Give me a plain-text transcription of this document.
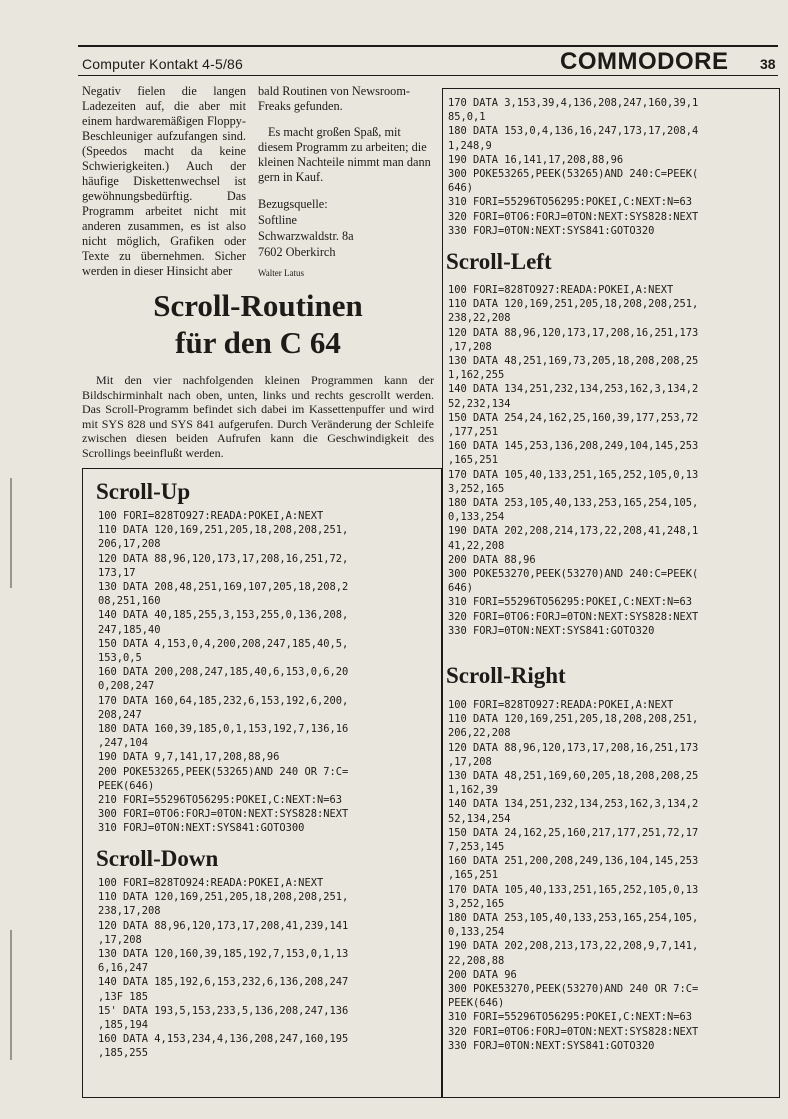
Computer Kontakt 4-5/86	COMMODORE 38

Negativ fielen die langen Ladezeiten auf, die aber mit einem hardwaremäßigen Floppy-Beschleuniger aufzufangen sind. (Speedos macht da keine Schwierigkeiten.) Auch der häufige Diskettenwechsel ist gewöhnungsbedürftig. Das Programm arbeitet nicht mit anderen zusammen, es ist also nicht möglich, Grafiken oder Texte zu übernehmen. Sicher werden in dieser Hinsicht aber

bald Routinen von Newsroom-Freaks gefunden.

Es macht großen Spaß, mit diesem Programm zu arbeiten; die kleinen Nachteile nimmt man dann gern in Kauf.

Bezugsquelle:
Softline
Schwarzwaldstr. 8a
7602 Oberkirch
Walter Latus
Scroll-Routinen
für den C 64

Mit den vier nachfolgenden kleinen Programmen kann der Bildschirminhalt nach oben, unten, links und rechts gescrollt werden. Das Scroll-Programm befindet sich dabei im Kassettenpuffer und wird mit SYS 828 und SYS 841 aufgerufen. Durch Veränderung der Schleife zwischen diesen beiden Aufrufen kann die Geschwindigkeit des Scrollings beeinflußt werden.

Scroll-Up
100 FORI=828TO927:READA:POKEI,A:NEXT
110 DATA 120,169,251,205,18,208,208,251,
206,17,208
120 DATA 88,96,120,173,17,208,16,251,72,
173,17
130 DATA 208,48,251,169,107,205,18,208,2
08,251,160
140 DATA 40,185,255,3,153,255,0,136,208,
247,185,40
150 DATA 4,153,0,4,200,208,247,185,40,5,
153,0,5
160 DATA 200,208,247,185,40,6,153,0,6,20
0,208,247
170 DATA 160,64,185,232,6,153,192,6,200,
208,247
180 DATA 160,39,185,0,1,153,192,7,136,16
,247,104
190 DATA 9,7,141,17,208,88,96
200 POKE53265,PEEK(53265)AND 240 OR 7:C=
PEEK(646)
210 FORI=55296TO56295:POKEI,C:NEXT:N=63
300 FORI=0TO6:FORJ=0TON:NEXT:SYS828:NEXT
310 FORJ=0TON:NEXT:SYS841:GOTO300
Scroll-Down
100 FORI=828TO924:READA:POKEI,A:NEXT
110 DATA 120,169,251,205,18,208,208,251,
238,17,208
120 DATA 88,96,120,173,17,208,41,239,141
,17,208
130 DATA 120,160,39,185,192,7,153,0,1,13
6,16,247
140 DATA 185,192,6,153,232,6,136,208,247
,13F 185
15' DATA 193,5,153,233,5,136,208,247,136
,185,194
160 DATA 4,153,234,4,136,208,247,160,195
,185,255
170 DATA 3,153,39,4,136,208,247,160,39,1
85,0,1
180 DATA 153,0,4,136,16,247,173,17,208,4
1,248,9
190 DATA 16,141,17,208,88,96
300 POKE53265,PEEK(53265)AND 240:C=PEEK(
646)
310 FORI=55296TO56295:POKEI,C:NEXT:N=63
320 FORI=0TO6:FORJ=0TON:NEXT:SYS828:NEXT
330 FORJ=0TON:NEXT:SYS841:GOTO320
Scroll-Left
100 FORI=828TO927:READA:POKEI,A:NEXT
110 DATA 120,169,251,205,18,208,208,251,
238,22,208
120 DATA 88,96,120,173,17,208,16,251,173
,17,208
130 DATA 48,251,169,73,205,18,208,208,25
1,162,255
140 DATA 134,251,232,134,253,162,3,134,2
52,232,134
150 DATA 254,24,162,25,160,39,177,253,72
,177,251
160 DATA 145,253,136,208,249,104,145,253
,165,251
170 DATA 105,40,133,251,165,252,105,0,13
3,252,165
180 DATA 253,105,40,133,253,165,254,105,
0,133,254
190 DATA 202,208,214,173,22,208,41,248,1
41,22,208
200 DATA 88,96
300 POKE53270,PEEK(53270)AND 240:C=PEEK(
646)
310 FORI=55296TO56295:POKEI,C:NEXT:N=63
320 FORI=0TO6:FORJ=0TON:NEXT:SYS828:NEXT
330 FORJ=0TON:NEXT:SYS841:GOTO320
Scroll-Right
100 FORI=828TO927:READA:POKEI,A:NEXT
110 DATA 120,169,251,205,18,208,208,251,
206,22,208
120 DATA 88,96,120,173,17,208,16,251,173
,17,208
130 DATA 48,251,169,60,205,18,208,208,25
1,162,39
140 DATA 134,251,232,134,253,162,3,134,2
52,134,254
150 DATA 24,162,25,160,217,177,251,72,17
7,253,145
160 DATA 251,200,208,249,136,104,145,253
,165,251
170 DATA 105,40,133,251,165,252,105,0,13
3,252,165
180 DATA 253,105,40,133,253,165,254,105,
0,133,254
190 DATA 202,208,213,173,22,208,9,7,141,
22,208,88
200 DATA 96
300 POKE53270,PEEK(53270)AND 240 OR 7:C=
PEEK(646)
310 FORI=55296TO56295:POKEI,C:NEXT:N=63
320 FORI=0TO6:FORJ=0TON:NEXT:SYS828:NEXT
330 FORJ=0TON:NEXT:SYS841:GOTO320
